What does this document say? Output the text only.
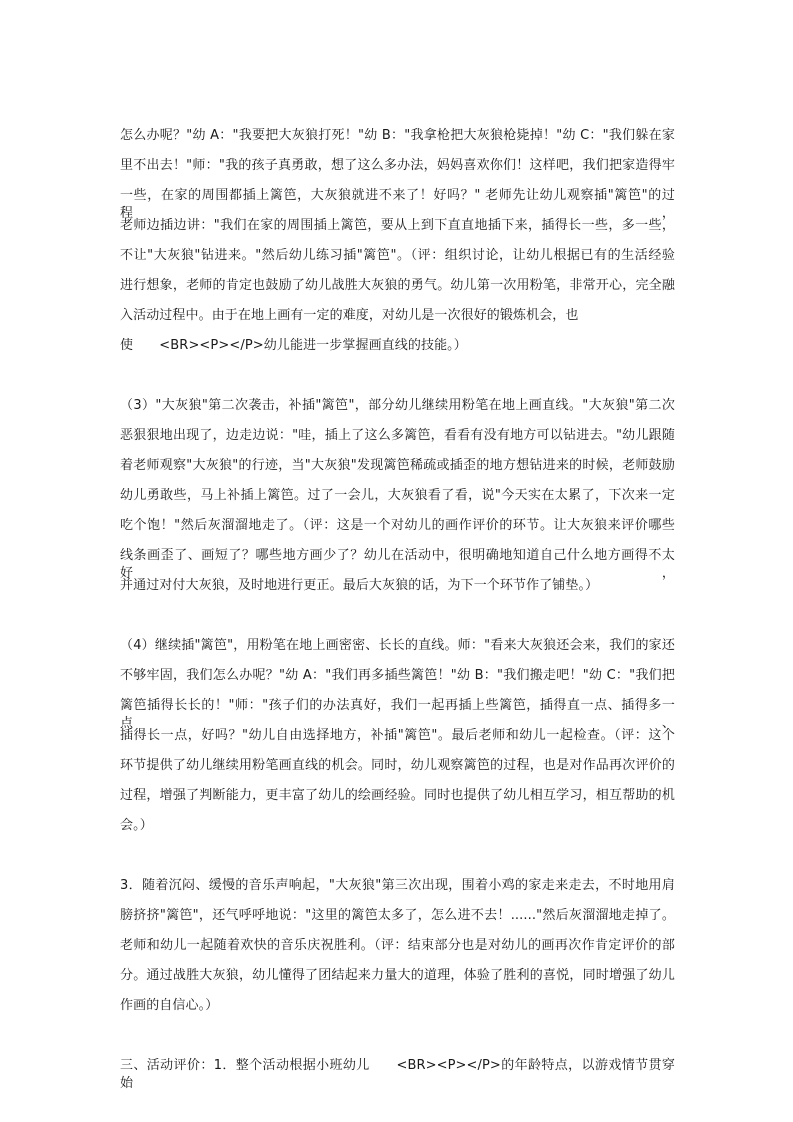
怎么办呢？"幼 A："我要把大灰狼打死！"幼 B："我拿枪把大灰狼枪毙掉！"幼 C："我们躲在家
里不出去！"师："我的孩子真勇敢，想了这么多办法，妈妈喜欢你们！这样吧，我们把家造得牢
一些，在家的周围都插上篱笆，大灰狼就进不来了！好吗？" 老师先让幼儿观察插"篱笆"的过程，
老师边插边讲："我们在家的周围插上篱笆，要从上到下直直地插下来，插得长一些，多一些，
不让"大灰狼"钻进来。"然后幼儿练习插"篱笆"。（评：组织讨论，让幼儿根据已有的生活经验
进行想象，老师的肯定也鼓励了幼儿战胜大灰狼的勇气。幼儿第一次用粉笔，非常开心，完全融
入活动过程中。由于在地上画有一定的难度，对幼儿是一次很好的锻炼机会，也
使　　<BR><P></P>幼儿能进一步掌握画直线的技能。）
（3）"大灰狼"第二次袭击，补插"篱笆"，部分幼儿继续用粉笔在地上画直线。"大灰狼"第二次
恶狠狠地出现了，边走边说："哇，插上了这么多篱笆，看看有没有地方可以钻进去。"幼儿跟随
着老师观察"大灰狼"的行迹，当"大灰狼"发现篱笆稀疏或插歪的地方想钻进来的时候，老师鼓励
幼儿勇敢些，马上补插上篱笆。过了一会儿，大灰狼看了看，说"今天实在太累了，下次来一定
吃个饱！"然后灰溜溜地走了。（评：这是一个对幼儿的画作评价的环节。让大灰狼来评价哪些
线条画歪了、画短了？哪些地方画少了？幼儿在活动中，很明确地知道自己什么地方画得不太好，
并通过对付大灰狼，及时地进行更正。最后大灰狼的话，为下一个环节作了铺垫。）
（4）继续插"篱笆"，用粉笔在地上画密密、长长的直线。师："看来大灰狼还会来，我们的家还
不够牢固，我们怎么办呢？"幼 A："我们再多插些篱笆！"幼 B："我们搬走吧！"幼 C："我们把
篱笆插得长长的！"师："孩子们的办法真好，我们一起再插上些篱笆，插得直一点、插得多一点、
插得长一点，好吗？"幼儿自由选择地方，补插"篱笆"。最后老师和幼儿一起检查。（评：这个
环节提供了幼儿继续用粉笔画直线的机会。同时，幼儿观察篱笆的过程，也是对作品再次评价的
过程，增强了判断能力，更丰富了幼儿的绘画经验。同时也提供了幼儿相互学习，相互帮助的机
会。）
3．随着沉闷、缓慢的音乐声响起，"大灰狼"第三次出现，围着小鸡的家走来走去，不时地用肩
膀挤挤"篱笆"，还气呼呼地说："这里的篱笆太多了，怎么进不去！......"然后灰溜溜地走掉了。
老师和幼儿一起随着欢快的音乐庆祝胜利。（评：结束部分也是对幼儿的画再次作肯定评价的部
分。通过战胜大灰狼，幼儿懂得了团结起来力量大的道理，体验了胜利的喜悦，同时增强了幼儿
作画的自信心。）
三、活动评价：1．整个活动根据小班幼儿　　<BR><P></P>的年龄特点，以游戏情节贯穿始
